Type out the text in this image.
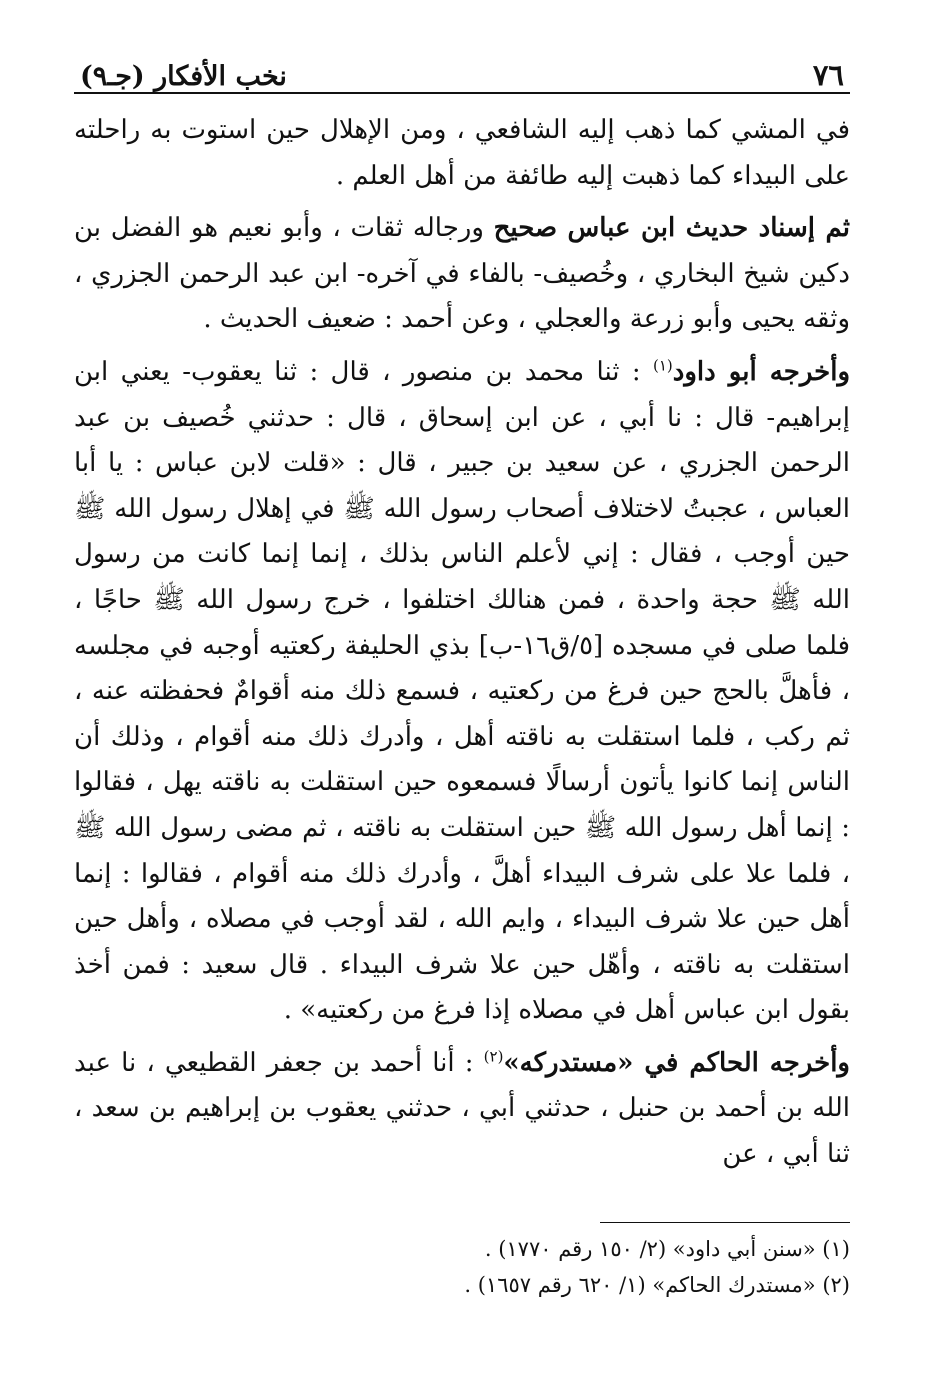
٧٦
نخب الأفكار (جـ٩)

في المشي كما ذهب إليه الشافعي ، ومن الإهلال حين استوت به راحلته على البيداء كما ذهبت إليه طائفة من أهل العلم .

ثم إسناد حديث ابن عباس صحيح ورجاله ثقات ، وأبو نعيم هو الفضل بن دكين شيخ البخاري ، وخُصيف- بالفاء في آخره- ابن عبد الرحمن الجزري ، وثقه يحيى وأبو زرعة والعجلي ، وعن أحمد : ضعيف الحديث .

وأخرجه أبو داود$^{(١)}$ : ثنا محمد بن منصور ، قال : ثنا يعقوب- يعني ابن إبراهيم- قال : نا أبي ، عن ابن إسحاق ، قال : حدثني خُصيف بن عبد الرحمن الجزري ، عن سعيد بن جبير ، قال : «قلت لابن عباس : يا أبا العباس ، عجبتُ لاختلاف أصحاب رسول الله ﷺ في إهلال رسول الله ﷺ حين أوجب ، فقال : إني لأعلم الناس بذلك ، إنما إنما كانت من رسول الله ﷺ حجة واحدة ، فمن هنالك اختلفوا ، خرج رسول الله ﷺ حاجًا ، فلما صلى في مسجده [٥/ق١٦-ب] بذي الحليفة ركعتيه أوجبه في مجلسه ، فأهلَّ بالحج حين فرغ من ركعتيه ، فسمع ذلك منه أقوامٌ فحفظته عنه ، ثم ركب ، فلما استقلت به ناقته أهل ، وأدرك ذلك منه أقوام ، وذلك أن الناس إنما كانوا يأتون أرسالًا فسمعوه حين استقلت به ناقته يهل ، فقالوا : إنما أهل رسول الله ﷺ حين استقلت به ناقته ، ثم مضى رسول الله ﷺ ، فلما علا على شرف البيداء أهلَّ ، وأدرك ذلك منه أقوام ، فقالوا : إنما أهل حين علا شرف البيداء ، وايم الله ، لقد أوجب في مصلاه ، وأهل حين استقلت به ناقته ، وأهّل حين علا شرف البيداء . قال سعيد : فمن أخذ بقول ابن عباس أهل في مصلاه إذا فرغ من ركعتيه» .

وأخرجه الحاكم في «مستدركه»$^{(٢)}$ : أنا أحمد بن جعفر القطيعي ، نا عبد الله بن أحمد بن حنبل ، حدثني أبي ، حدثني يعقوب بن إبراهيم بن سعد ، ثنا أبي ، عن

(١) «سنن أبي داود» (٢/ ١٥٠ رقم ١٧٧٠) .

(٢) «مستدرك الحاكم» (١/ ٦٢٠ رقم ١٦٥٧) .
